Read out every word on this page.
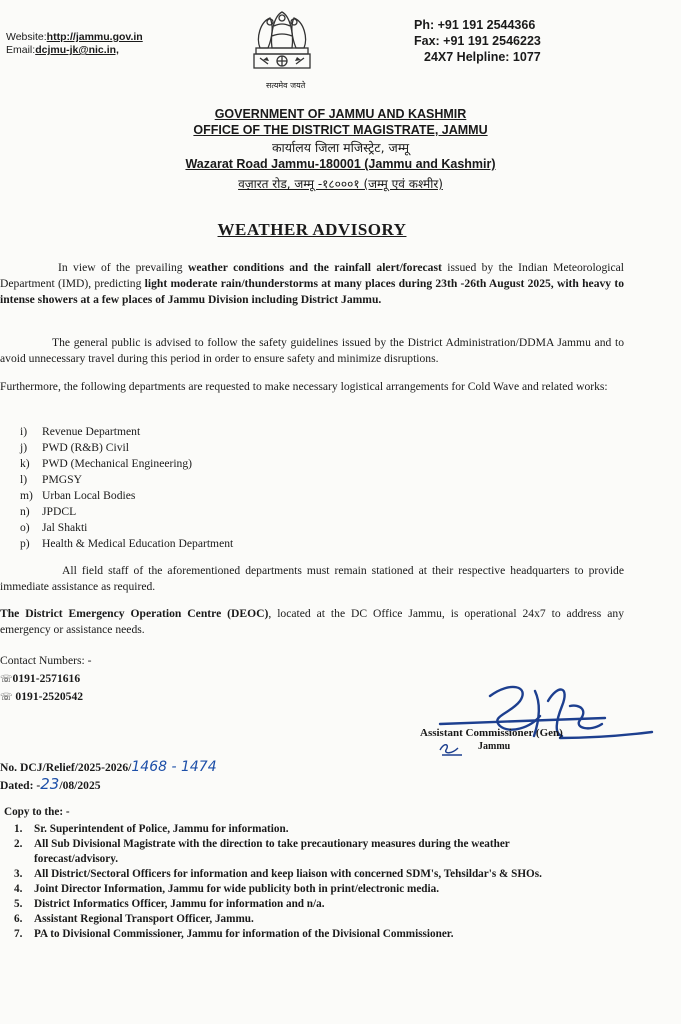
Website:http://jammu.gov.in
Email:dcjmu-jk@nic.in,
सत्यमेव जयते
Ph: +91 191 2544366
Fax: +91 191 2546223
24X7 Helpline: 1077
GOVERNMENT OF JAMMU AND KASHMIR
OFFICE OF THE DISTRICT MAGISTRATE, JAMMU
कार्यालय जिला मजिस्ट्रेट, जम्मू
Wazarat Road Jammu-180001 (Jammu and Kashmir)
वज़ारत रोड, जम्मू -१८०००१ (जम्मू एवं कश्मीर)
WEATHER ADVISORY
In view of the prevailing weather conditions and the rainfall alert/forecast issued by the Indian Meteorological Department (IMD), predicting light moderate rain/thunderstorms at many places during 23th -26th August 2025, with heavy to intense showers at a few places of Jammu Division including District Jammu.
The general public is advised to follow the safety guidelines issued by the District Administration/DDMA Jammu and to avoid unnecessary travel during this period in order to ensure safety and minimize disruptions.
Furthermore, the following departments are requested to make necessary logistical arrangements for Cold Wave and related works:
i)	Revenue Department
j)	PWD (R&B) Civil
k)	PWD (Mechanical Engineering)
l)	PMGSY
m) Urban Local Bodies
n)	JPDCL
o)	Jal Shakti
p)	Health & Medical Education Department
All field staff of the aforementioned departments must remain stationed at their respective headquarters to provide immediate assistance as required.
The District Emergency Operation Centre (DEOC), located at the DC Office Jammu, is operational 24x7 to address any emergency or assistance needs.
Contact Numbers: -
☏0191-2571616
☏ 0191-2520542
Assistant Commissioner (Gen)
Jammu
No. DCJ/Relief/2025-2026/1468 - 1474
Dated: -23/08/2025
Copy to the: -
1.	Sr. Superintendent of Police, Jammu for information.
2.	All Sub Divisional Magistrate with the direction to take precautionary measures during the weather forecast/advisory.
3.	All District/Sectoral Officers for information and keep liaison with concerned SDM's, Tehsildar's & SHOs.
4.	Joint Director Information, Jammu for wide publicity both in print/electronic media.
5.	District Informatics Officer, Jammu for information and n/a.
6.	Assistant Regional Transport Officer, Jammu.
7.	PA to Divisional Commissioner, Jammu for information of the Divisional Commissioner.
